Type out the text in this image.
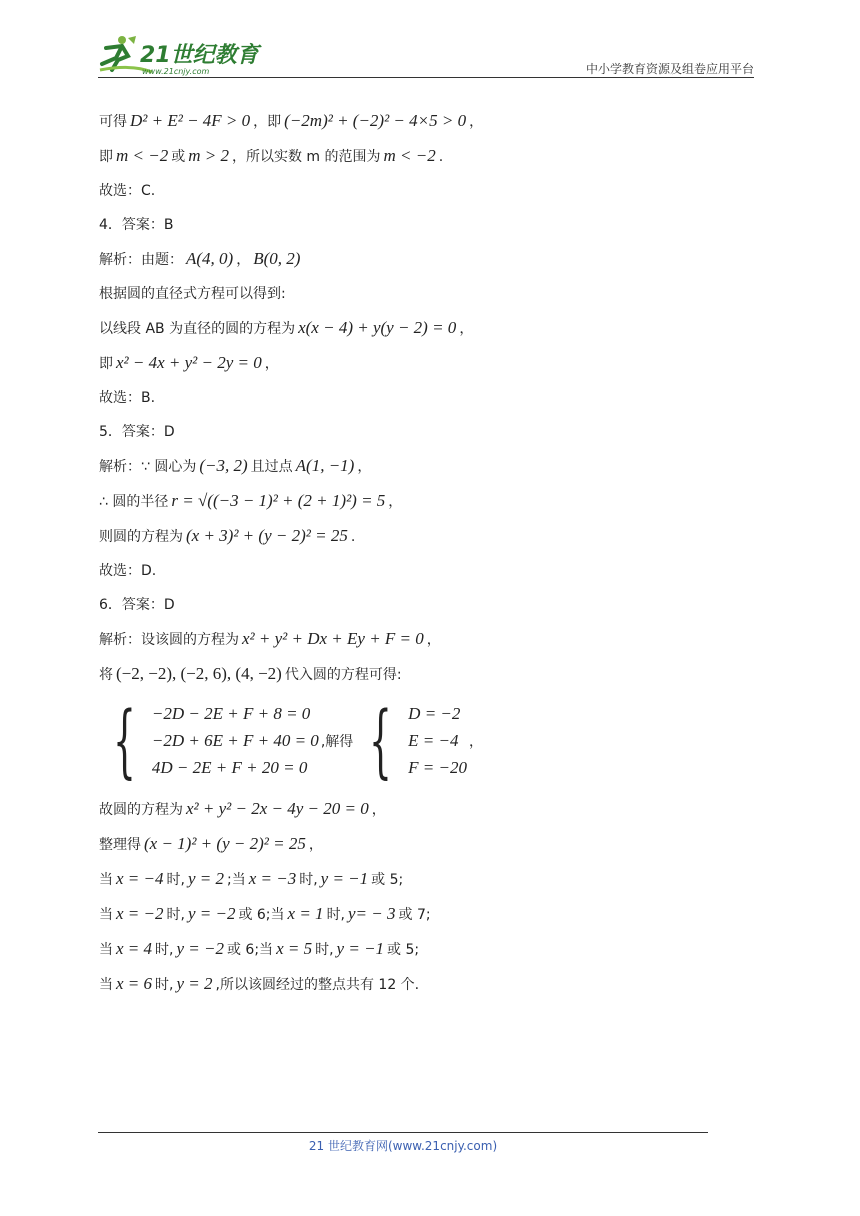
21世纪教育
www.21cnjy.com	中小学教育资源及组卷应用平台

可得 D² + E² − 4F > 0 ，即 (−2m)² + (−2)² − 4×5 > 0 ，

即 m < −2 或 m > 2 ，所以实数 m 的范围为 m < −2 .

故选：C.

4．答案：B

解析：由题： A(4, 0) ， B(0, 2)

根据圆的直径式方程可以得到:

以线段 AB 为直径的圆的方程为 x(x − 4) + y(y − 2) = 0 ，

即 x² − 4x + y² − 2y = 0 ，

故选：B.

5．答案：D

解析：∵ 圆心为 (−3, 2) 且过点 A(1, −1) ，

∴ 圆的半径 r = √((−3 − 1)² + (2 + 1)²) = 5 ，

则圆的方程为 (x + 3)² + (y − 2)² = 25 .

故选：D.

6．答案：D

解析：设该圆的方程为 x² + y² + Dx + Ey + F = 0 ，

将 (−2, −2), (−2, 6), (4, −2) 代入圆的方程可得:

{ −2D − 2E + F + 8 = 0
−2D + 6E + F + 40 = 0
4D − 2E + F + 20 = 0
,解得 { D = −2
E = −4
F = −20
，

故圆的方程为 x² + y² − 2x − 4y − 20 = 0 ，

整理得 (x − 1)² + (y − 2)² = 25 ，

当 x = −4 时, y = 2 ;当 x = −3 时, y = −1 或 5;

当 x = −2 时, y = −2 或 6;当 x = 1 时, y= − 3 或 7;

当 x = 4 时, y = −2 或 6;当 x = 5 时, y = −1 或 5;

当 x = 6 时, y = 2 ,所以该圆经过的整点共有 12 个.

21 世纪教育网(www.21cnjy.com)
